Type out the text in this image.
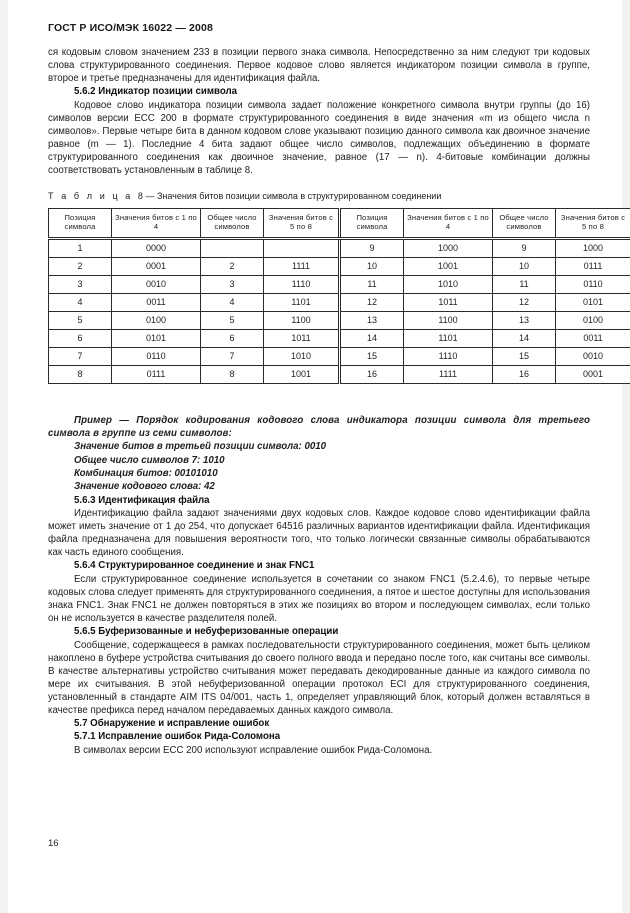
ГОСТ Р ИСО/МЭК 16022 — 2008

ся кодовым словом значением 233 в позиции первого знака символа. Непосредственно за ним следуют три кодовых слова структурированного соединения. Первое кодовое слово является индикатором позиции символа в группе, второе и третье предназначены для идентификация файла.

5.6.2 Индикатор позиции символа

Кодовое слово индикатора позиции символа задает положение конкретного символа внутри группы (до 16) символов версии ЕСС 200 в формате структурированного соединения в виде значения «m из общего числа n символов». Первые четыре бита в данном кодовом слове указывают позицию данного символа как двоичное значение равное (m — 1). Последние 4 бита задают общее число символов, подлежащих объединению в формате структурированного соединения как двоичное значение, равное (17 — n). 4-битовые комбинации должны соответствовать установленным в таблице 8.

Т а б л и ц а 8 — Значения битов позиции символа в структурированном соединении

Позиция символа	Значения битов с 1 по 4	Общее число символов	Значения битов с 5 по 8	Позиция символа	Значения битов с 1 по 4	Общее число символов	Значения битов с 5 по 8
1	0000			9	1000	9	1000
2	0001	2	1111	10	1001	10	0111
3	0010	3	1110	11	1010	11	0110
4	0011	4	1101	12	1011	12	0101
5	0100	5	1100	13	1100	13	0100
6	0101	6	1011	14	1101	14	0011
7	0110	7	1010	15	1110	15	0010
8	0111	8	1001	16	1111	16	0001

Пример — Порядок кодирования кодового слова индикатора позиции символа для третьего символа в группе из семи символов:

Значение битов в третьей позиции символа: 0010

Общее число символов 7: 1010

Комбинация битов: 00101010

Значение кодового слова: 42

5.6.3 Идентификация файла

Идентификацию файла задают значениями двух кодовых слов. Каждое кодовое слово идентификации файла может иметь значение от 1 до 254, что допускает 64516 различных вариантов идентификации файла. Идентификация файла предназначена для повышения вероятности того, что только логически связанные символы обрабатываются как часть единого сообщения.

5.6.4 Структурированное соединение и знак FNC1

Если структурированное соединение используется в сочетании со знаком FNC1 (5.2.4.6), то первые четыре кодовых слова следует применять для структурированного соединения, а пятое и шестое доступны для использования знака FNC1. Знак FNC1 не должен повторяться в этих же позициях во втором и последующем символах, если только он не используется в качестве разделителя полей.

5.6.5 Буферизованные и небуферизованные операции

Сообщение, содержащееся в рамках последовательности структурированного соединения, может быть целиком накоплено в буфере устройства считывания до своего полного ввода и передано после того, как считаны все символы. В качестве альтернативы устройство считывания может передавать декодированные данные из каждого символа по мере их считывания. В этой небуферизованной операции протокол ЕСI для структурированного соединения, установленный в стандарте AIM ITS 04/001, часть 1, определяет управляющий блок, который должен вставляться в качестве префикса перед началом передаваемых данных каждого символа.

5.7 Обнаружение и исправление ошибок

5.7.1 Исправление ошибок Рида-Соломона

В символах версии ЕСС 200 используют исправление ошибок Рида-Соломона.

16
